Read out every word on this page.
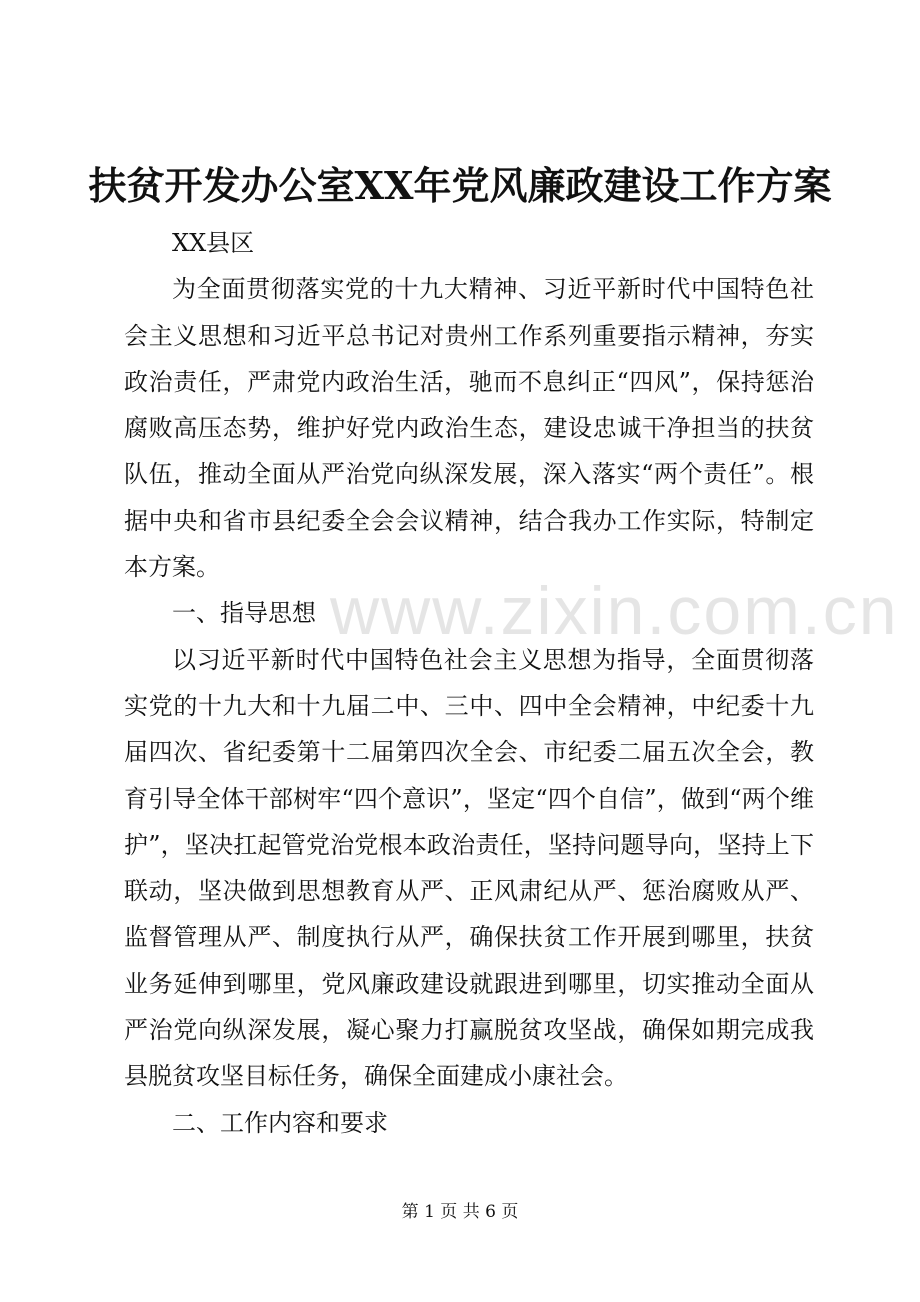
扶贫开发办公室XX年党风廉政建设工作方案

XX县区

为全面贯彻落实党的十九大精神、习近平新时代中国特色社会主义思想和习近平总书记对贵州工作系列重要指示精神，夯实政治责任，严肃党内政治生活，驰而不息纠正“四风”，保持惩治腐败高压态势，维护好党内政治生态，建设忠诚干净担当的扶贫队伍，推动全面从严治党向纵深发展，深入落实“两个责任”。根据中央和省市县纪委全会会议精神，结合我办工作实际，特制定本方案。

一、指导思想

以习近平新时代中国特色社会主义思想为指导，全面贯彻落实党的十九大和十九届二中、三中、四中全会精神，中纪委十九届四次、省纪委第十二届第四次全会、市纪委二届五次全会，教育引导全体干部树牢“四个意识”，坚定“四个自信”，做到“两个维护”，坚决扛起管党治党根本政治责任，坚持问题导向，坚持上下联动，坚决做到思想教育从严、正风肃纪从严、惩治腐败从严、监督管理从严、制度执行从严，确保扶贫工作开展到哪里，扶贫业务延伸到哪里，党风廉政建设就跟进到哪里，切实推动全面从严治党向纵深发展，凝心聚力打赢脱贫攻坚战，确保如期完成我县脱贫攻坚目标任务，确保全面建成小康社会。

二、工作内容和要求

www.zixin.com.cn
第 1 页 共 6 页
